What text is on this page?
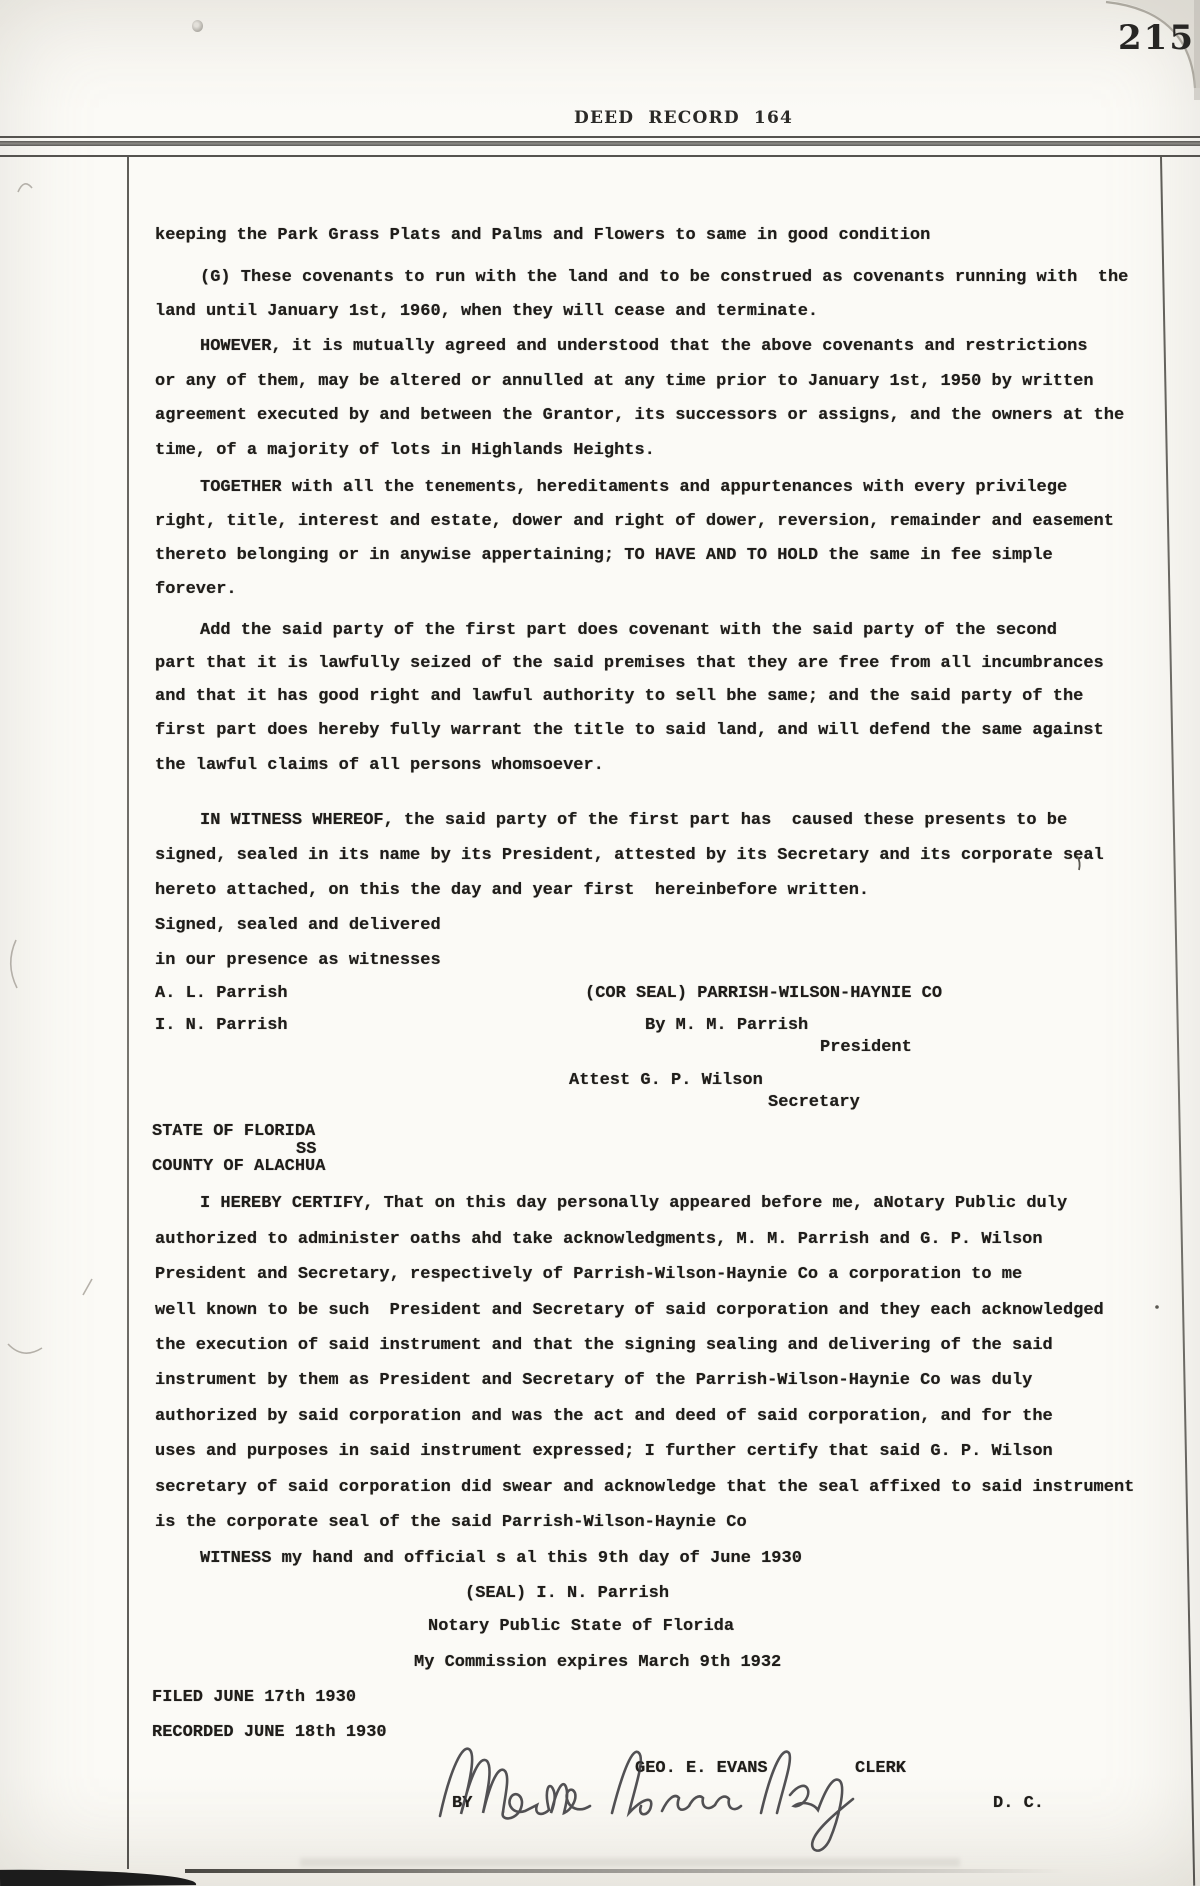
215
DEED RECORD 164
keeping the Park Grass Plats and Palms and Flowers to same in good condition
(G) These covenants to run with the land and to be construed as covenants running with  the
land until January 1st, 1960, when they will cease and terminate.
HOWEVER, it is mutually agreed and understood that the above covenants and restrictions
or any of them, may be altered or annulled at any time prior to January 1st, 1950 by written
agreement executed by and between the Grantor, its successors or assigns, and the owners at the
time, of a majority of lots in Highlands Heights.
TOGETHER with all the tenements, hereditaments and appurtenances with every privilege
right, title, interest and estate, dower and right of dower, reversion, remainder and easement
thereto belonging or in anywise appertaining; TO HAVE AND TO HOLD the same in fee simple
forever.
Add the said party of the first part does covenant with the said party of the second
part that it is lawfully seized of the said premises that they are free from all incumbrances
and that it has good right and lawful authority to sell bhe same; and the said party of the
first part does hereby fully warrant the title to said land, and will defend the same against
the lawful claims of all persons whomsoever.
IN WITNESS WHEREOF, the said party of the first part has  caused these presents to be
signed, sealed in its name by its President, attested by its Secretary and its corporate seal
hereto attached, on this the day and year first  hereinbefore written.
Signed, sealed and delivered
in our presence as witnesses
A. L. Parrish	(COR SEAL) PARRISH-WILSON-HAYNIE CO
I. N. Parrish	By M. M. Parrish
President
Attest G. P. Wilson
Secretary
STATE OF FLORIDA
SS
COUNTY OF ALACHUA
I HEREBY CERTIFY, That on this day personally appeared before me, aNotary Public duly
authorized to administer oaths ahd take acknowledgments, M. M. Parrish and G. P. Wilson
President and Secretary, respectively of Parrish-Wilson-Haynie Co a corporation to me
well known to be such  President and Secretary of said corporation and they each acknowledged
the execution of said instrument and that the signing sealing and delivering of the said
instrument by them as President and Secretary of the Parrish-Wilson-Haynie Co was duly
authorized by said corporation and was the act and deed of said corporation, and for the
uses and purposes in said instrument expressed; I further certify that said G. P. Wilson
secretary of said corporation did swear and acknowledge that the seal affixed to said instrument
is the corporate seal of the said Parrish-Wilson-Haynie Co
WITNESS my hand and official s al this 9th day of June 1930
(SEAL) I. N. Parrish
Notary Public State of Florida
My Commission expires March 9th 1932
FILED JUNE 17th 1930
RECORDED JUNE 18th 1930
GEO. E. EVANS	CLERK
BY	D. C.
